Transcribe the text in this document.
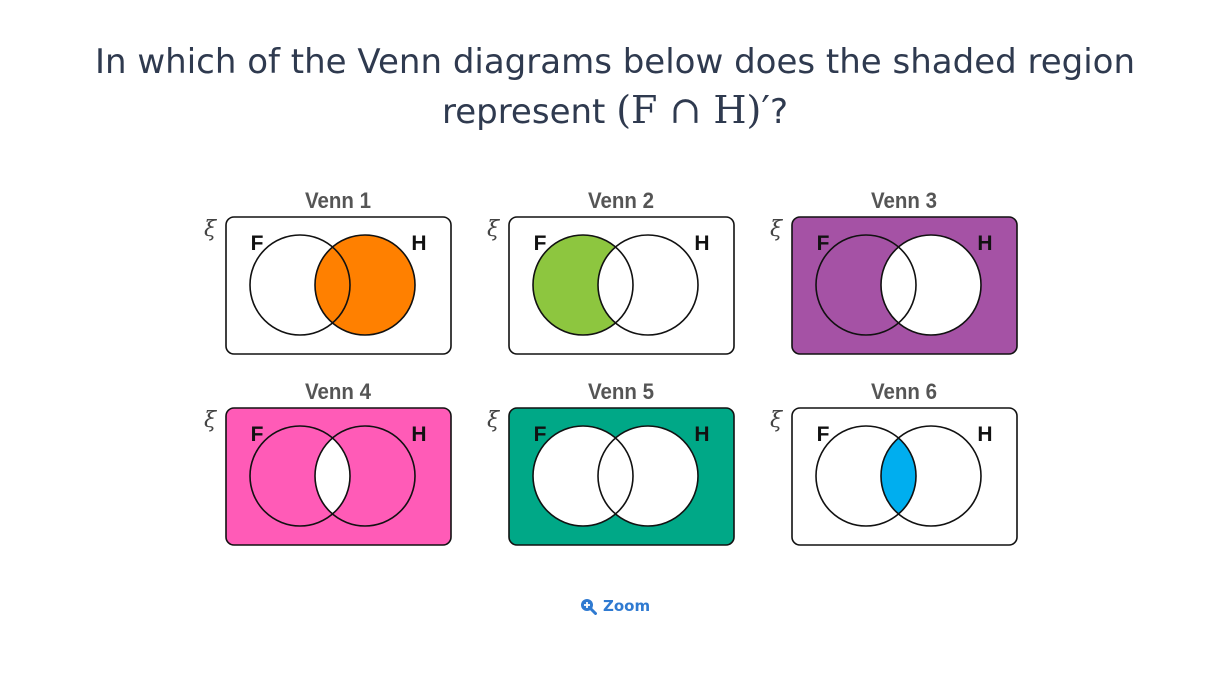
In which of the Venn diagrams below does the shaded region
represent (F ∩ H)′?
Venn 1
ξ
F	H
Venn 2
ξ
F	H
Venn 3
ξ
F	H
Venn 4
ξ
F	H
Venn 5
ξ
F	H
Venn 6
ξ
F	H
Zoom
